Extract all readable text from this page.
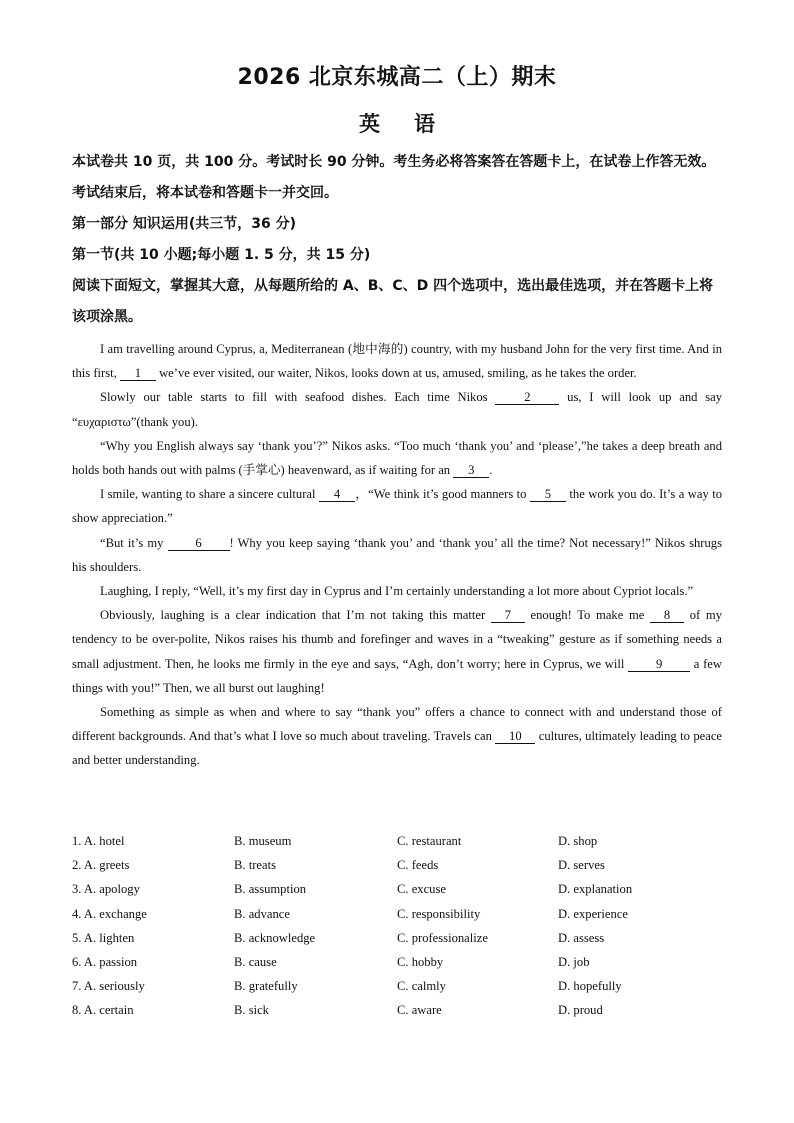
2026 北京东城高二（上）期末
英语
本试卷共 10 页，共 100 分。考试时长 90 分钟。考生务必将答案答在答题卡上，在试卷上作答无效。考试结束后，将本试卷和答题卡一并交回。
第一部分 知识运用(共三节，36 分)
第一节(共 10 小题;每小题 1. 5 分，共 15 分)
阅读下面短文，掌握其大意，从每题所给的 A、B、C、D 四个选项中，选出最佳选项，并在答题卡上将该项涂黑。

I am travelling around Cyprus, a, Mediterranean (地中海的) country, with my husband John for the very first time. And in this first, 1 we’ve ever visited, our waiter, Nikos, looks down at us, amused, smiling, as he takes the order.

Slowly our table starts to fill with seafood dishes. Each time Nikos 2 us, I will look up and say “ευχαριστω”(thank you).

“Why you English always say ‘thank you’?” Nikos asks. “Too much ‘thank you’ and ‘please’,”he takes a deep breath and holds both hands out with palms (手掌心) heavenward, as if waiting for an 3 .

I smile, wanting to share a sincere cultural 4 ，“We think it’s good manners to 5 the work you do. It’s a way to show appreciation.”

“But it’s my 6 ! Why you keep saying ‘thank you’ and ‘thank you’ all the time? Not necessary!” Nikos shrugs his shoulders.

Laughing, I reply, “Well, it’s my first day in Cyprus and I’m certainly understanding a lot more about Cypriot locals.”

Obviously, laughing is a clear indication that I’m not taking this matter 7 enough! To make me 8 of my tendency to be over-polite, Nikos raises his thumb and forefinger and waves in a “tweaking” gesture as if something needs a small adjustment. Then, he looks me firmly in the eye and says, “Agh, don’t worry; here in Cyprus, we will 9 a few things with you!” Then, we all burst out laughing!

Something as simple as when and where to say “thank you” offers a chance to connect with and understand those of different backgrounds. And that’s what I love so much about traveling. Travels can 10 cultures, ultimately leading to peace and better understanding.

1. A. hotel	B. museum	C. restaurant	D. shop
2. A. greets	B. treats	C. feeds	D. serves
3. A. apology	B. assumption	C. excuse	D. explanation
4. A. exchange	B. advance	C. responsibility	D. experience
5. A. lighten	B. acknowledge	C. professionalize	D. assess
6. A. passion	B. cause	C. hobby	D. job
7. A. seriously	B. gratefully	C. calmly	D. hopefully
8. A. certain	B. sick	C. aware	D. proud
